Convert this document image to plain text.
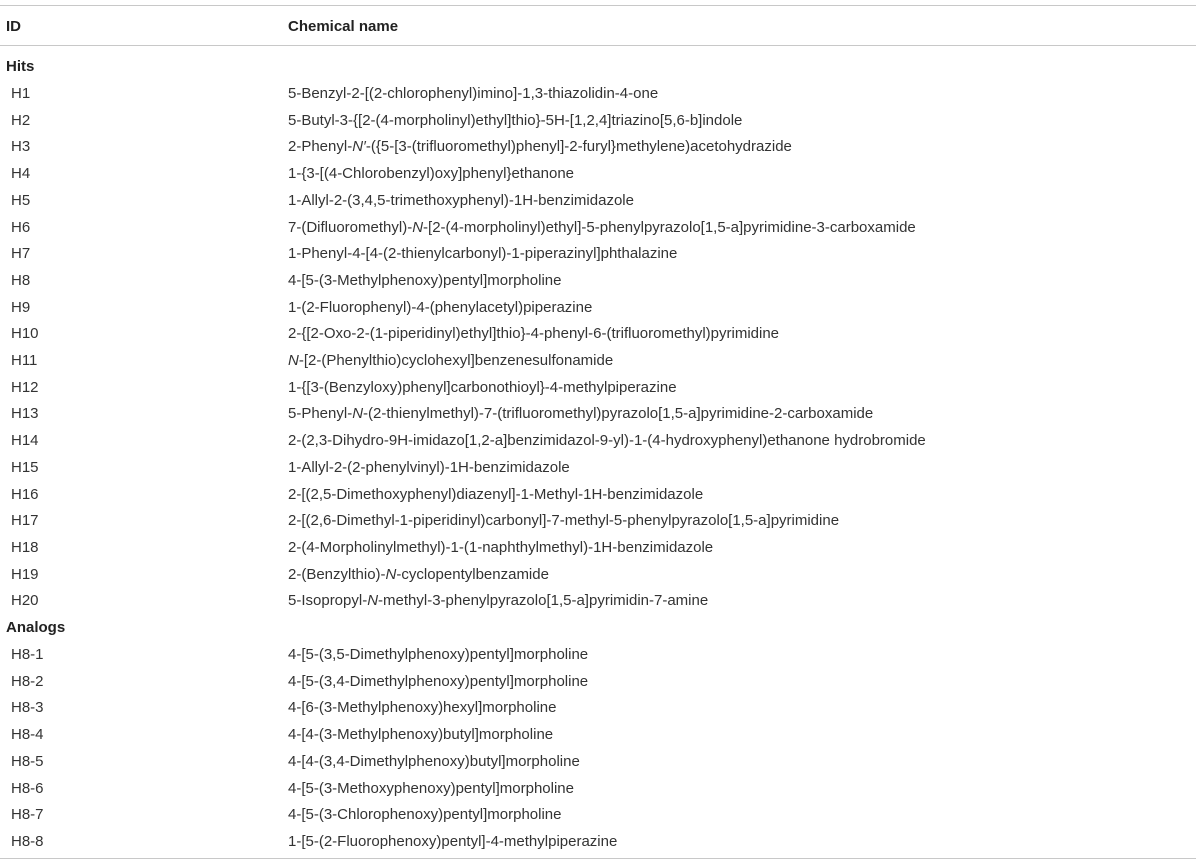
ID	Chemical name
Hits
H1	5-Benzyl-2-[(2-chlorophenyl)imino]-1,3-thiazolidin-4-one
H2	5-Butyl-3-{[2-(4-morpholinyl)ethyl]thio}-5H-[1,2,4]triazino[5,6-b]indole
H3	2-Phenyl-N′-({5-[3-(trifluoromethyl)phenyl]-2-furyl}methylene)acetohydrazide
H4	1-{3-[(4-Chlorobenzyl)oxy]phenyl}ethanone
H5	1-Allyl-2-(3,4,5-trimethoxyphenyl)-1H-benzimidazole
H6	7-(Difluoromethyl)-N-[2-(4-morpholinyl)ethyl]-5-phenylpyrazolo[1,5-a]pyrimidine-3-carboxamide
H7	1-Phenyl-4-[4-(2-thienylcarbonyl)-1-piperazinyl]phthalazine
H8	4-[5-(3-Methylphenoxy)pentyl]morpholine
H9	1-(2-Fluorophenyl)-4-(phenylacetyl)piperazine
H10	2-{[2-Oxo-2-(1-piperidinyl)ethyl]thio}-4-phenyl-6-(trifluoromethyl)pyrimidine
H11	N-[2-(Phenylthio)cyclohexyl]benzenesulfonamide
H12	1-{[3-(Benzyloxy)phenyl]carbonothioyl}-4-methylpiperazine
H13	5-Phenyl-N-(2-thienylmethyl)-7-(trifluoromethyl)pyrazolo[1,5-a]pyrimidine-2-carboxamide
H14	2-(2,3-Dihydro-9H-imidazo[1,2-a]benzimidazol-9-yl)-1-(4-hydroxyphenyl)ethanone hydrobromide
H15	1-Allyl-2-(2-phenylvinyl)-1H-benzimidazole
H16	2-[(2,5-Dimethoxyphenyl)diazenyl]-1-Methyl-1H-benzimidazole
H17	2-[(2,6-Dimethyl-1-piperidinyl)carbonyl]-7-methyl-5-phenylpyrazolo[1,5-a]pyrimidine
H18	2-(4-Morpholinylmethyl)-1-(1-naphthylmethyl)-1H-benzimidazole
H19	2-(Benzylthio)-N-cyclopentylbenzamide
H20	5-Isopropyl-N-methyl-3-phenylpyrazolo[1,5-a]pyrimidin-7-amine
Analogs
H8-1	4-[5-(3,5-Dimethylphenoxy)pentyl]morpholine
H8-2	4-[5-(3,4-Dimethylphenoxy)pentyl]morpholine
H8-3	4-[6-(3-Methylphenoxy)hexyl]morpholine
H8-4	4-[4-(3-Methylphenoxy)butyl]morpholine
H8-5	4-[4-(3,4-Dimethylphenoxy)butyl]morpholine
H8-6	4-[5-(3-Methoxyphenoxy)pentyl]morpholine
H8-7	4-[5-(3-Chlorophenoxy)pentyl]morpholine
H8-8	1-[5-(2-Fluorophenoxy)pentyl]-4-methylpiperazine
